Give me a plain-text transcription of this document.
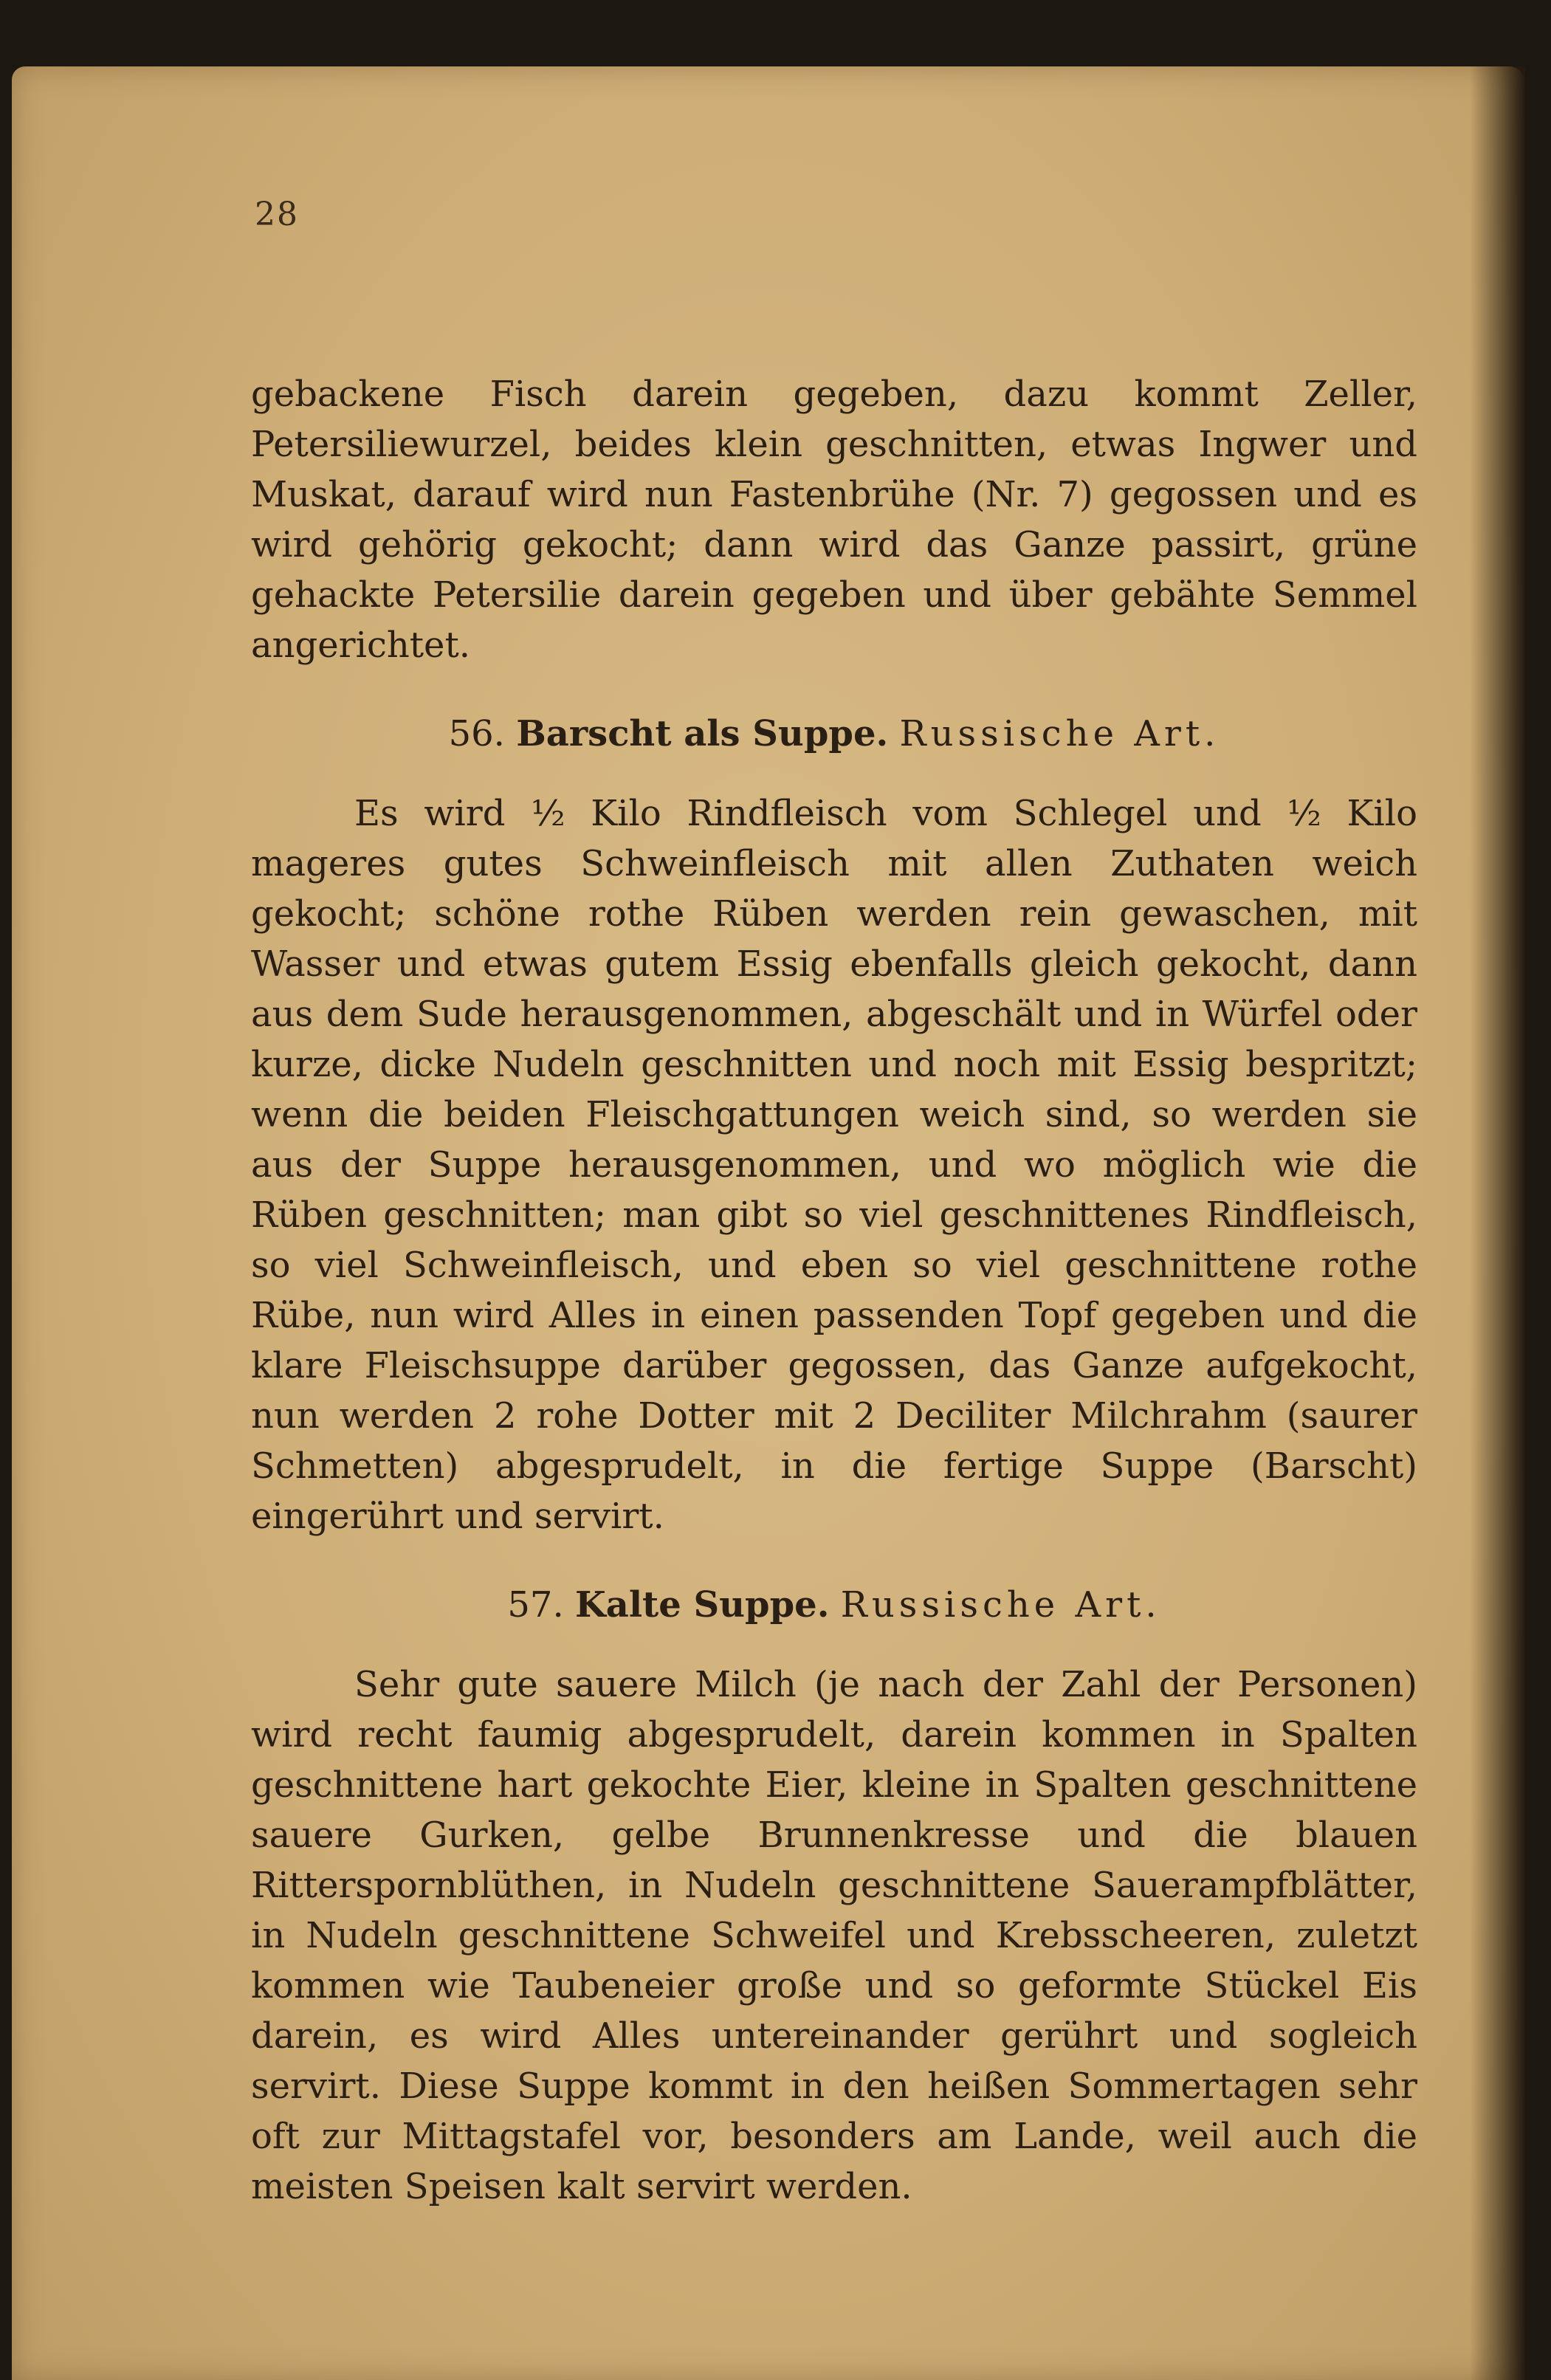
28

gebackene Fisch darein gegeben, dazu kommt Zeller, Petersiliewurzel, beides klein geschnitten, etwas Ingwer und Muskat, darauf wird nun Fastenbrühe (Nr. 7) gegossen und es wird gehörig gekocht; dann wird das Ganze passirt, grüne gehackte Petersilie darein gegeben und über gebähte Semmel angerichtet.

56. Barscht als Suppe. Russische Art.

Es wird ½ Kilo Rindfleisch vom Schlegel und ½ Kilo mageres gutes Schweinfleisch mit allen Zuthaten weich gekocht; schöne rothe Rüben werden rein gewaschen, mit Wasser und etwas gutem Essig ebenfalls gleich gekocht, dann aus dem Sude herausgenommen, abgeschält und in Würfel oder kurze, dicke Nudeln geschnitten und noch mit Essig bespritzt; wenn die beiden Fleischgattungen weich sind, so werden sie aus der Suppe herausgenommen, und wo möglich wie die Rüben geschnitten; man gibt so viel geschnittenes Rindfleisch, so viel Schweinfleisch, und eben so viel geschnittene rothe Rübe, nun wird Alles in einen passenden Topf gegeben und die klare Fleischsuppe darüber gegossen, das Ganze aufgekocht, nun werden 2 rohe Dotter mit 2 Deciliter Milchrahm (saurer Schmetten) abgesprudelt, in die fertige Suppe (Barscht) eingerührt und servirt.

57. Kalte Suppe. Russische Art.

Sehr gute sauere Milch (je nach der Zahl der Personen) wird recht faumig abgesprudelt, darein kommen in Spalten geschnittene hart gekochte Eier, kleine in Spalten geschnittene sauere Gurken, gelbe Brunnenkresse und die blauen Ritterspornblüthen, in Nudeln geschnittene Sauerampfblätter, in Nudeln geschnittene Schweifel und Krebsscheeren, zuletzt kommen wie Taubeneier große und so geformte Stückel Eis darein, es wird Alles untereinander gerührt und sogleich servirt. Diese Suppe kommt in den heißen Sommertagen sehr oft zur Mittagstafel vor, besonders am Lande, weil auch die meisten Speisen kalt servirt werden.
